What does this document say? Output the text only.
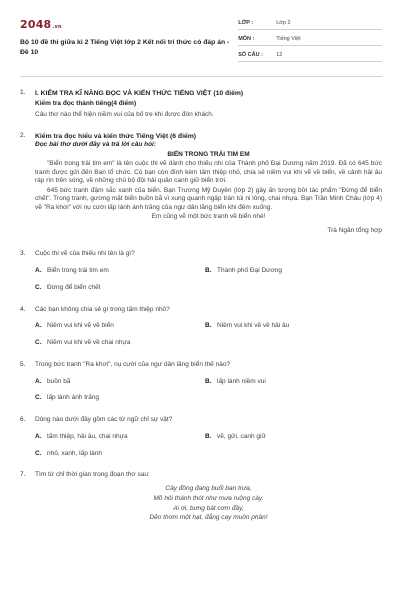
2048.vn
Bộ 10 đề thi giữa kì 2 Tiếng Việt lớp 2 Kết nối tri thức có đáp án - Đề 10
LỚP :	Lớp 2
MÔN :	Tiếng Việt
SỐ CÂU :	12
1.	I. KIỂM TRA KĨ NĂNG ĐỌC VÀ KIẾN THỨC TIẾNG VIỆT (10 điểm)
Kiểm tra đọc thành tiếng(4 điểm)
Câu thơ nào thể hiện niềm vui của bố tre khi được đón khách.
2.	Kiểm tra đọc hiểu và kiến thức Tiếng Việt (6 điểm)
Đọc bài thơ dưới đây và trả lời câu hỏi:
BIẾN TRONG TRÁI TIM EM
"Biển trong trái tim em" là tên cuộc thi vẽ dành cho thiếu nhi của Thành phố Đại Dương năm 2019. Đã có 645 bức tranh được gửi đến Ban tổ chức. Có bạn còn đính kèm tấm thiệp nhỏ, chia sẻ niềm vui khi vẽ về biển, về cảnh hải âu ráp rìn trên sóng, về những chú bộ đội hải quân canh giữ biển trời.
645 bức tranh đậm sắc xanh của biển. Bạn Trương Mỹ Duyên (lớp 2) gây ấn tượng bởi tác phẩm "Đừng để biển chết". Trong tranh, gương mặt biển buồn bã vì xung quanh ngập tràn túi ni lông, chai nhựa. Bạn Trần Minh Châu (lớp 4) vẽ "Ra khơi" với nụ cười lấp lánh ánh trăng của ngư dân lãng biển khi đêm xuống.
Em cũng vẽ một bức tranh về biển nhé!
Trà Ngân tổng hợp
3.	Cuộc thi vẽ của thiếu nhi tên là gì?
A. Biển trong trái tim em	B. Thành phố Đại Dương
C. Đừng để biển chết
4.	Các bạn không chia sẻ gì trong tấm thiệp nhỏ?
A. Niềm vui khi vẽ về biển	B. Niềm vui khi vẽ về hải âu
C. Niềm vui khi vẽ về chai nhựa
5.	Trong bức tranh "Ra khơi", nụ cười của ngư dân lãng biển thế nào?
A. buồn bã	B. lấp lánh niềm vui
C. lấp lánh ánh trăng
6.	Dòng nào dưới đây gồm các từ ngữ chỉ sự vật?
A. tấm thiệp, hải âu, chai nhựa	B. vẽ, gửi, canh giữ
C. nhỏ, xanh, lấp lánh
7.	Tìm từ chỉ thời gian trong đoạn thơ sau:
Cây đồng đang buổi ban trưa,
Mồ hôi thánh thót như mưa ruộng cày.
Ai ơi, bưng bát cơm đầy,
Dẻo thơm một hạt, đắng cay muôn phần!
